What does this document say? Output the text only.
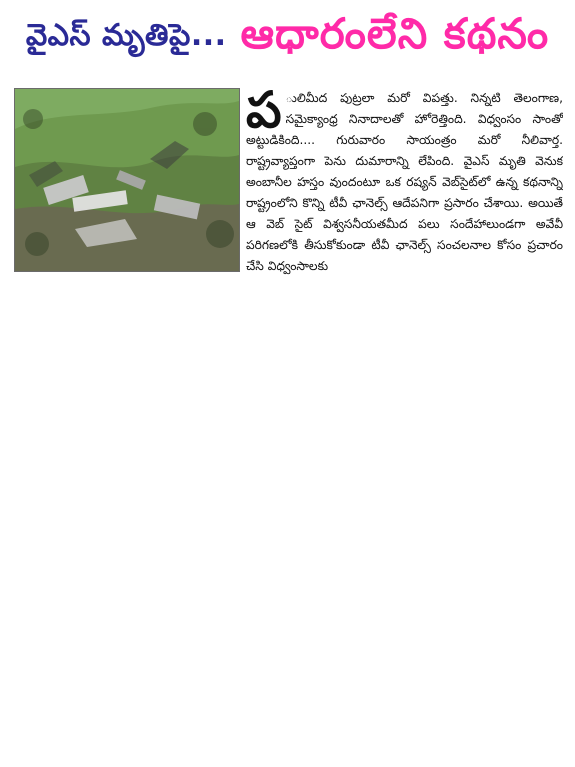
వైఎస్ మృతిపై... ఆధారంలేని కథనం
ప ులిమీద పుట్రలా మరో విపత్తు. నిన్నటి తెలంగాణ, సమైక్యాంధ్ర నినాదాలతో హోరెత్తింది. విధ్వంసం సాంతో అట్టుడికింది.... గురువారం సాయంత్రం మరో నీలివార్త. రాష్ట్రవ్యాప్తంగా పెను దుమారాన్ని లేపింది. వైఎస్ మృతి వెనుక అంబానీల హస్తం వుందంటూ ఒక రష్యన్ వెబ్‌సైట్‌లో ఉన్న కథనాన్ని రాష్ట్రంలోని కొన్ని టీవీ ఛానెల్స్ ఆదేపనిగా ప్రసారం చేశాయి. అయితే ఆ వెబ్ సైట్ విశ్వసనీయతమీద పలు సందేహాలుండగా అవేవీ పరిగణలోకి తీసుకోకుండా టీవీ ఛానెల్స్ సంచలనాల కోసం ప్రచారం చేసి విధ్వంసాలకు
